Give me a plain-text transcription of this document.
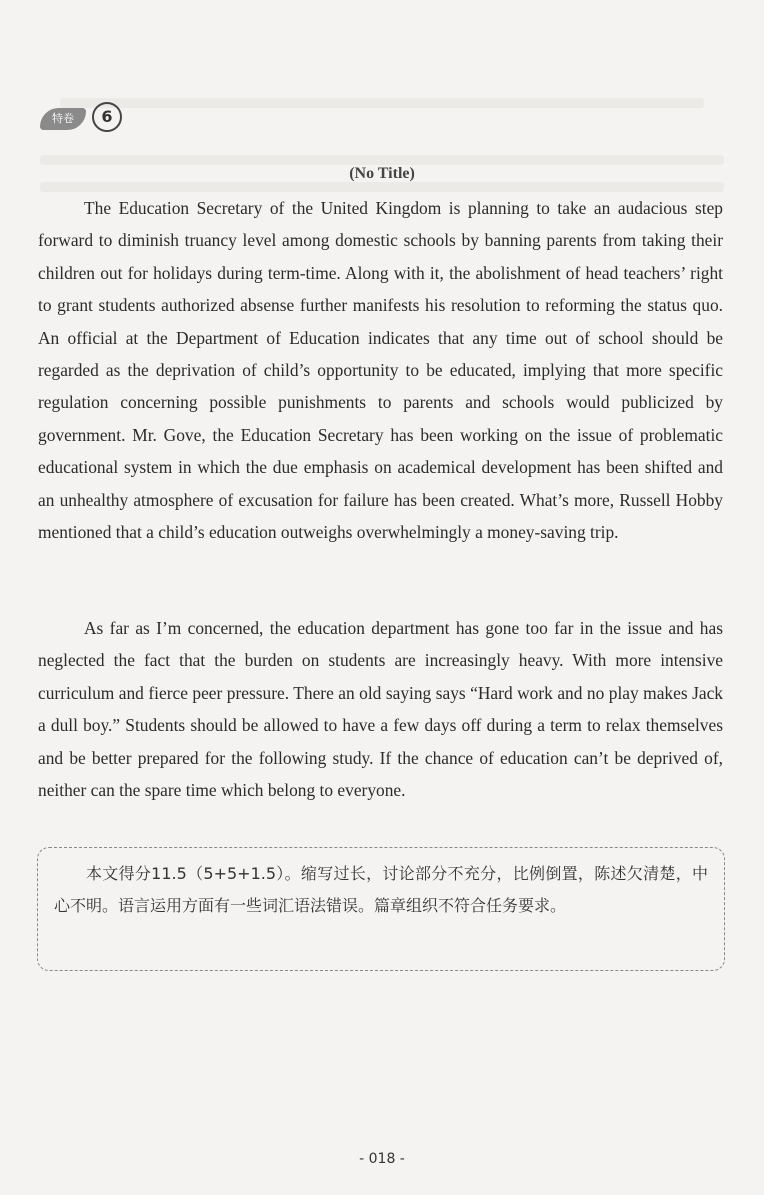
特卷	6
(No Title)

The Education Secretary of the United Kingdom is planning to take an audacious step forward to diminish truancy level among domestic schools by banning parents from taking their children out for holidays during term-time. Along with it, the abolishment of head teachers’ right to grant students authorized absense further manifests his resolution to reforming the status quo. An official at the Department of Education indicates that any time out of school should be regarded as the deprivation of child’s opportunity to be educated, implying that more specific regulation concerning possible punishments to parents and schools would publicized by government. Mr. Gove, the Education Secretary has been working on the issue of problematic educational system in which the due emphasis on academical development has been shifted and an unhealthy atmosphere of excusation for failure has been created. What’s more, Russell Hobby mentioned that a child’s education outweighs overwhelmingly a money-saving trip.

As far as I’m concerned, the education department has gone too far in the issue and has neglected the fact that the burden on students are increasingly heavy. With more intensive curriculum and fierce peer pressure. There an old saying says “Hard work and no play makes Jack a dull boy.” Students should be allowed to have a few days off during a term to relax themselves and be better prepared for the following study. If the chance of education can’t be deprived of, neither can the spare time which belong to everyone.

本文得分11.5（5+5+1.5）。缩写过长，讨论部分不充分，比例倒置，陈述欠清楚，中心不明。语言运用方面有一些词汇语法错误。篇章组织不符合任务要求。

- 018 -
